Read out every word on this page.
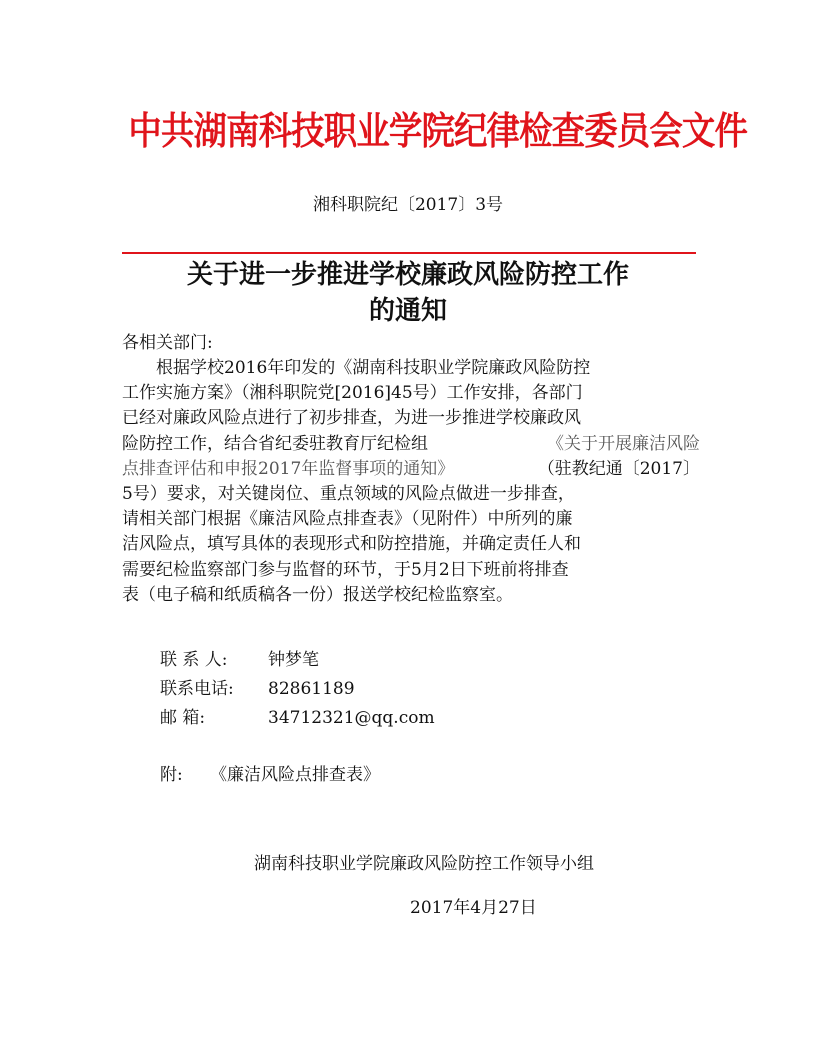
中共湖南科技职业学院纪律检查委员会文件
湘科职院纪〔2017〕3号
关于进一步推进学校廉政风险防控工作
的通知
各相关部门:
根据学校2016年印发的《湖南科技职业学院廉政风险防控
工作实施方案》（湘科职院党[2016]45号）工作安排，各部门
已经对廉政风险点进行了初步排查，为进一步推进学校廉政风
险防控工作，结合省纪委驻教育厅纪检组	《关于开展廉洁风险
点排查评估和申报2017年监督事项的通知》	（驻教纪通〔2017〕
5号）要求，对关键岗位、重点领域的风险点做进一步排查，
请相关部门根据《廉洁风险点排查表》（见附件）中所列的廉
洁风险点，填写具体的表现形式和防控措施，并确定责任人和
需要纪检监察部门参与监督的环节，于5月2日下班前将排查
表（电子稿和纸质稿各一份）报送学校纪检监察室。
联 系 人: 钟梦笔
联系电话: 82861189
邮 箱:	34712321@qq.com
附: 《廉洁风险点排查表》
湖南科技职业学院廉政风险防控工作领导小组
2017年4月27日
